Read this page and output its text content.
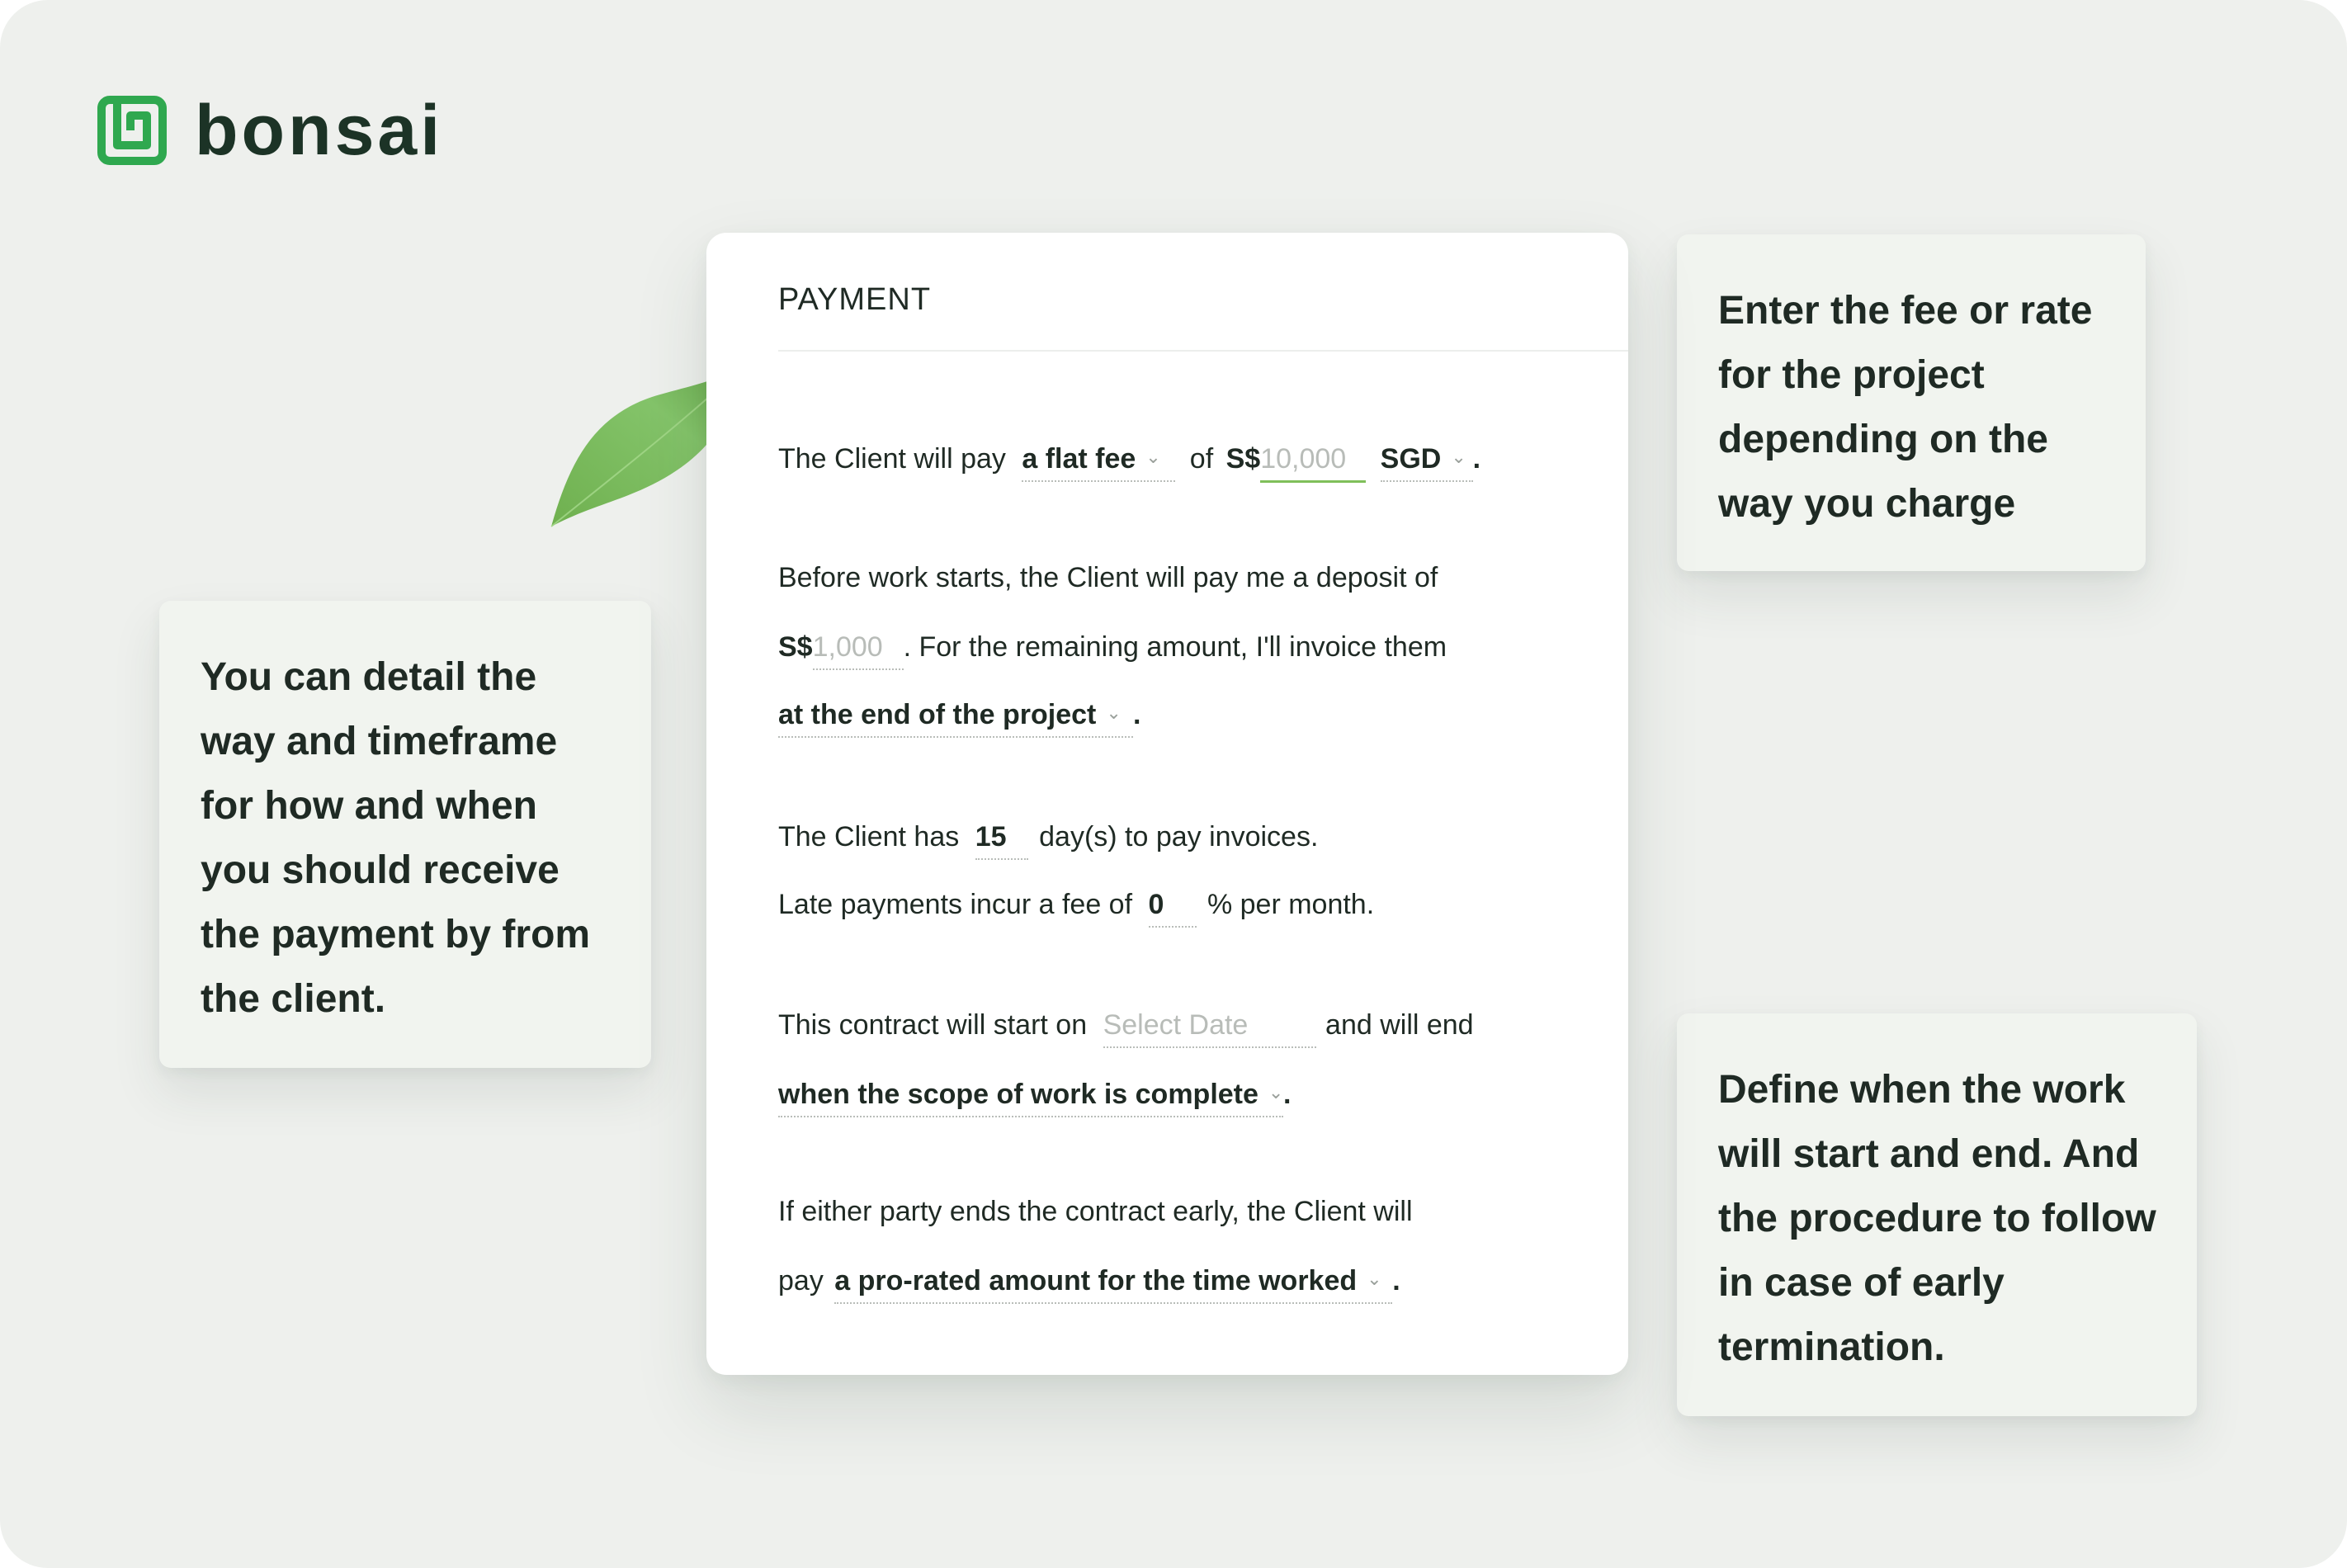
bonsai
Enter the fee or rate for the project depending on the way you charge
You can detail the way and timeframe for how and when you should receive the payment by from the client.
Define when the work will start and end. And the procedure to follow in case of early termination.
PAYMENT
The Client will pay a flat fee ⌄ of S$10,000 SGD ⌄ .
Before work starts, the Client will pay me a deposit of
S$1,000 . For the remaining amount, I'll invoice them
at the end of the project ⌄ .
The Client has 15 day(s) to pay invoices.
Late payments incur a fee of 0 % per month.
This contract will start on Select Date	and will end
when the scope of work is complete ⌄.
If either party ends the contract early, the Client will
pay a pro-rated amount for the time worked ⌄ .
